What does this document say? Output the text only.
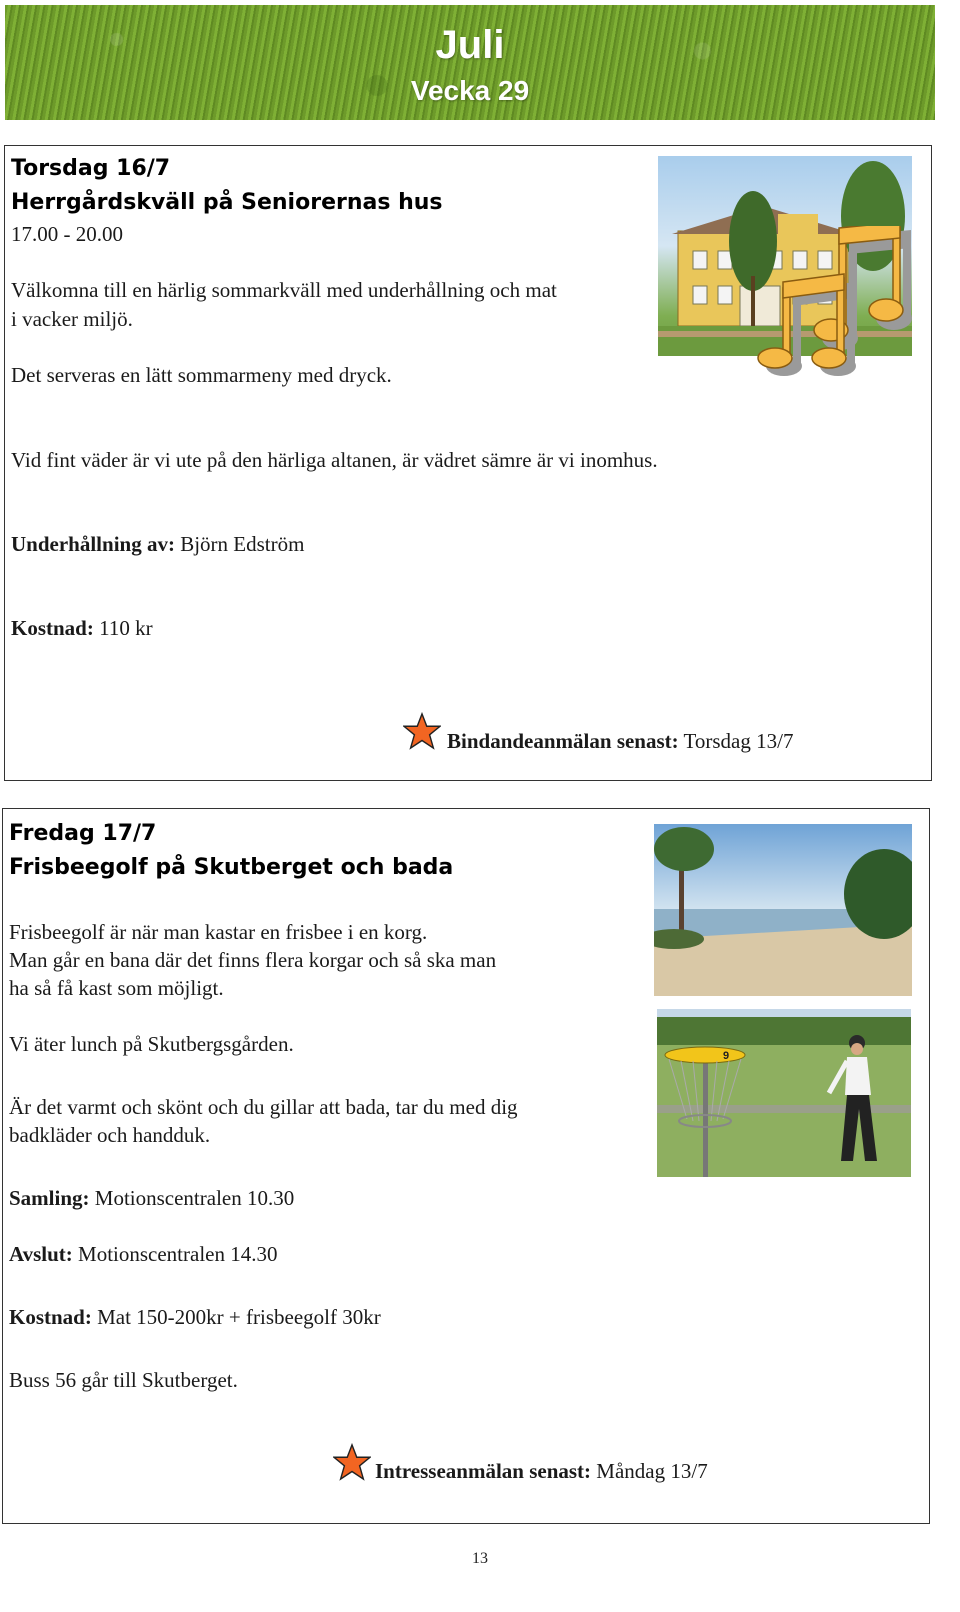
Juli
Vecka 29
Torsdag 16/7
Herrgårdskväll på Seniorernas hus
17.00 - 20.00
Välkomna till en härlig sommarkväll med underhållning och mat
i vacker miljö.
Det serveras en lätt sommarmeny med dryck.
Vid fint väder är vi ute på den härliga altanen, är vädret sämre är vi inomhus.
Underhållning av: Björn Edström
Kostnad: 110 kr
Bindandeanmälan senast: Torsdag 13/7
Fredag 17/7
Frisbeegolf på Skutberget och bada
Frisbeegolf är när man kastar en frisbee i en korg.
Man går en bana där det finns flera korgar och så ska man
ha så få kast som möjligt.
Vi äter lunch på Skutbergsgården.
Är det varmt och skönt och du gillar att bada, tar du med dig
badkläder och handduk.
Samling: Motionscentralen 10.30
Avslut: Motionscentralen 14.30
Kostnad: Mat 150-200kr + frisbeegolf 30kr
Buss 56 går till Skutberget.
Intresseanmälan senast: Måndag 13/7
9
13
